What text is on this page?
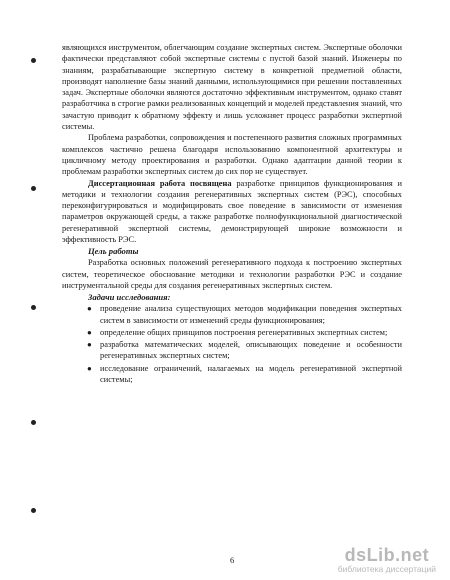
являющихся инструментом, облегчающим создание экспертных систем. Экспертные оболочки фактически представляют собой экспертные системы с пустой базой знаний. Инженеры по знаниям, разрабатывающие экспертную систему в конкретной предметной области, производят наполнение базы знаний данными, использующимися при решении поставленных задач. Экспертные оболочки являются достаточно эффективным инструментом, однако ставят разработчика в строгие рамки реализованных концепций и моделей представления знаний, что зачастую приводит к обратному эффекту и лишь усложняет процесс разработки экспертной системы.

Проблема разработки, сопровождения и постепенного развития сложных программных комплексов частично решена благодаря использованию компонентной архитектуры и цикличному методу проектирования и разработки. Однако адаптации данной теории к проблемам разработки экспертных систем до сих пор не существует.

Диссертационная работа посвящена разработке принципов функционирования и методики и технологии создания регенеративных экспертных систем (РЭС), способных переконфигурироваться и модифицировать свое поведение в зависимости от изменения параметров окружающей среды, а также разработке полнофункциональной диагностической регенеративной экспертной системы, демонстрирующей широкие возможности и эффективность РЭС.

Цель работы

Разработка основных положений регенеративного подхода к построению экспертных систем, теоретическое обоснование методики и технологии разработки РЭС и создание инструментальной среды для создания регенеративных экспертных систем.

Задачи исследования:
● проведение анализа существующих методов модификации поведения экспертных систем в зависимости от изменений среды функционирования;
● определение общих принципов построения регенеративных экспертных систем;
● разработка математических моделей, описывающих поведение и особенности регенеративных экспертных систем;
● исследование ограничений, налагаемых на модель регенеративной экспертной системы;
6	dsLib.net
библиотека диссертаций
